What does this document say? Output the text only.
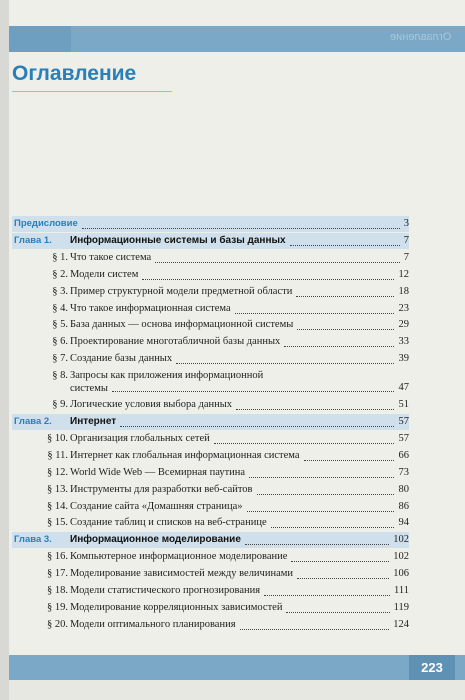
Оглавление
Оглавление
Предисловие	3
Глава 1. Информационные системы и базы данных	7
§ 1. Что такое система	7
§ 2. Модели систем	12
§ 3. Пример структурной модели предметной области	18
§ 4. Что такое информационная система	23
§ 5. База данных — основа информационной системы	29
§ 6. Проектирование многотабличной базы данных	33
§ 7. Создание базы данных	39
§ 8. Запросы как приложения информационной
системы	47
§ 9. Логические условия выбора данных	51
Глава 2. Интернет	57
§ 10. Организация глобальных сетей	57
§ 11. Интернет как глобальная информационная система	66
§ 12. World Wide Web — Всемирная паутина	73
§ 13. Инструменты для разработки веб-сайтов	80
§ 14. Создание сайта «Домашняя страница»	86
§ 15. Создание таблиц и списков на веб-странице	94
Глава 3. Информационное моделирование	102
§ 16. Компьютерное информационное моделирование	102
§ 17. Моделирование зависимостей между величинами	106
§ 18. Модели статистического прогнозирования	111
§ 19. Моделирование корреляционных зависимостей	119
§ 20. Модели оптимального планирования	124
223
